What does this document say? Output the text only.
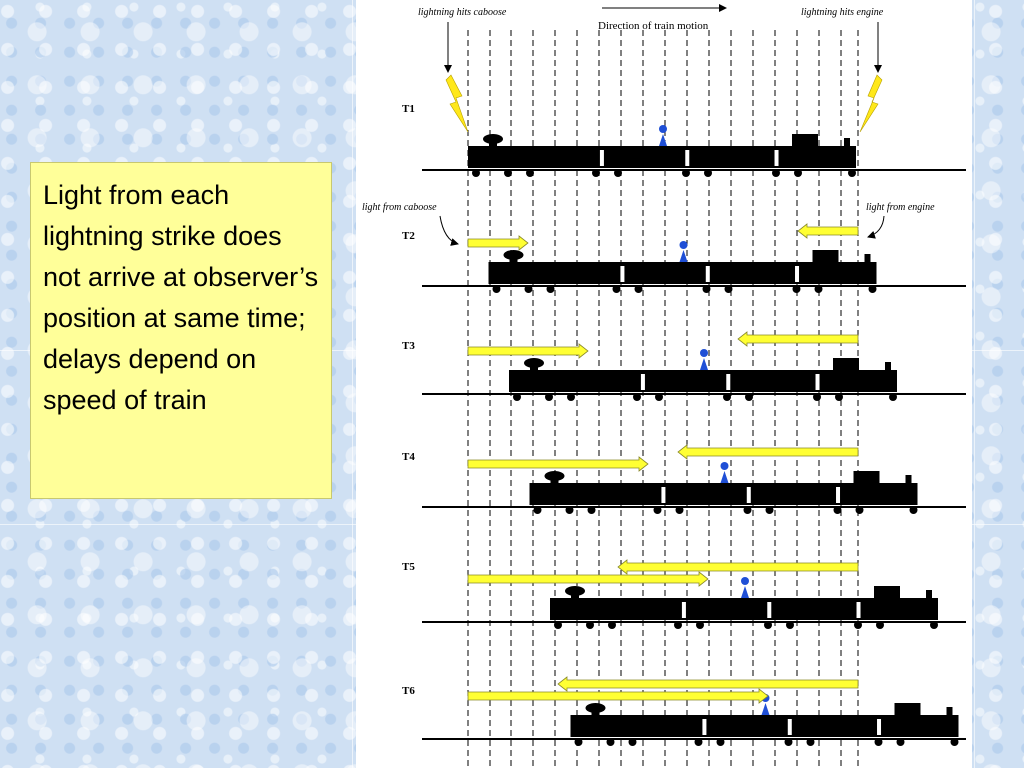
Light from each lightning strike does not arrive at observer’s position at same time; delays depend on speed of train
lightning hits caboose
Direction of train motion
lightning hits engine
light from caboose	light from engine
T1
T2
T3
T4
T5
T6
